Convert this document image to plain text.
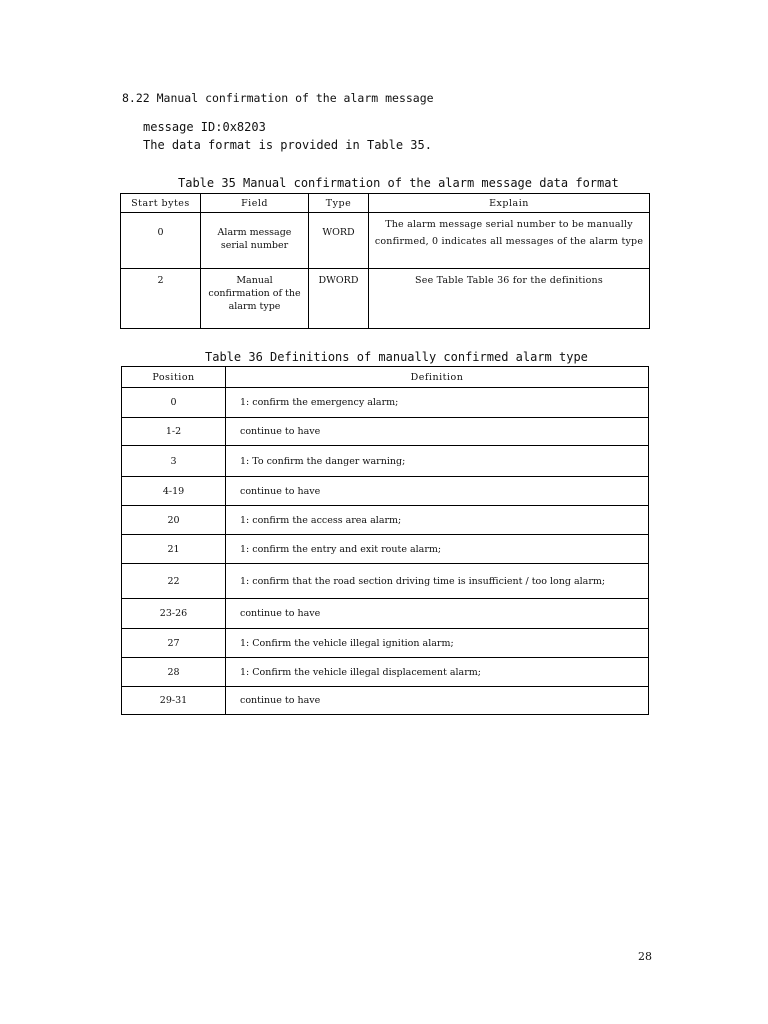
8.22 Manual confirmation of the alarm message
message ID:0x8203
The data format is provided in Table 35.
Table 35 Manual confirmation of the alarm message data format
Start bytes	Field	Type	Explain
0	Alarm message serial number	WORD	The alarm message serial number to be manually confirmed, 0 indicates all messages of the alarm type
2	Manual confirmation of the alarm type	DWORD	See Table Table 36 for the definitions
Table 36 Definitions of manually confirmed alarm type
Position	Definition
0	1: confirm the emergency alarm;
1-2	continue to have
3	1: To confirm the danger warning;
4-19	continue to have
20	1: confirm the access area alarm;
21	1: confirm the entry and exit route alarm;
22	1: confirm that the road section driving time is insufficient / too long alarm;
23-26	continue to have
27	1: Confirm the vehicle illegal ignition alarm;
28	1: Confirm the vehicle illegal displacement alarm;
29-31	continue to have
28
